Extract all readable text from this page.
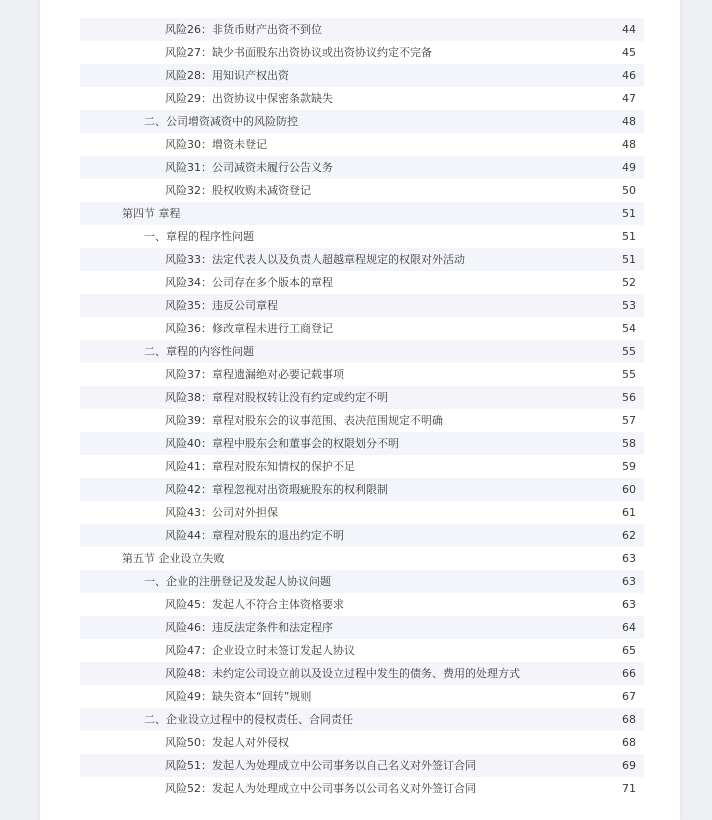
风险26：非货币财产出资不到位	44
风险27：缺少书面股东出资协议或出资协议约定不完备	45
风险28：用知识产权出资	46
风险29：出资协议中保密条款缺失	47
二、公司增资减资中的风险防控	48
风险30：增资未登记	48
风险31：公司减资未履行公告义务	49
风险32：股权收购未减资登记	50
第四节 章程	51
一、章程的程序性问题	51
风险33：法定代表人以及负责人超越章程规定的权限对外活动	51
风险34：公司存在多个版本的章程	52
风险35：违反公司章程	53
风险36：修改章程未进行工商登记	54
二、章程的内容性问题	55
风险37：章程遗漏绝对必要记载事项	55
风险38：章程对股权转让没有约定或约定不明	56
风险39：章程对股东会的议事范围、表决范围规定不明确	57
风险40：章程中股东会和董事会的权限划分不明	58
风险41：章程对股东知情权的保护不足	59
风险42：章程忽视对出资瑕疵股东的权利限制	60
风险43：公司对外担保	61
风险44：章程对股东的退出约定不明	62
第五节 企业设立失败	63
一、企业的注册登记及发起人协议问题	63
风险45：发起人不符合主体资格要求	63
风险46：违反法定条件和法定程序	64
风险47：企业设立时未签订发起人协议	65
风险48：未约定公司设立前以及设立过程中发生的债务、费用的处理方式	66
风险49：缺失资本“回转”规则	67
二、企业设立过程中的侵权责任、合同责任	68
风险50：发起人对外侵权	68
风险51：发起人为处理成立中公司事务以自己名义对外签订合同	69
风险52：发起人为处理成立中公司事务以公司名义对外签订合同	71
